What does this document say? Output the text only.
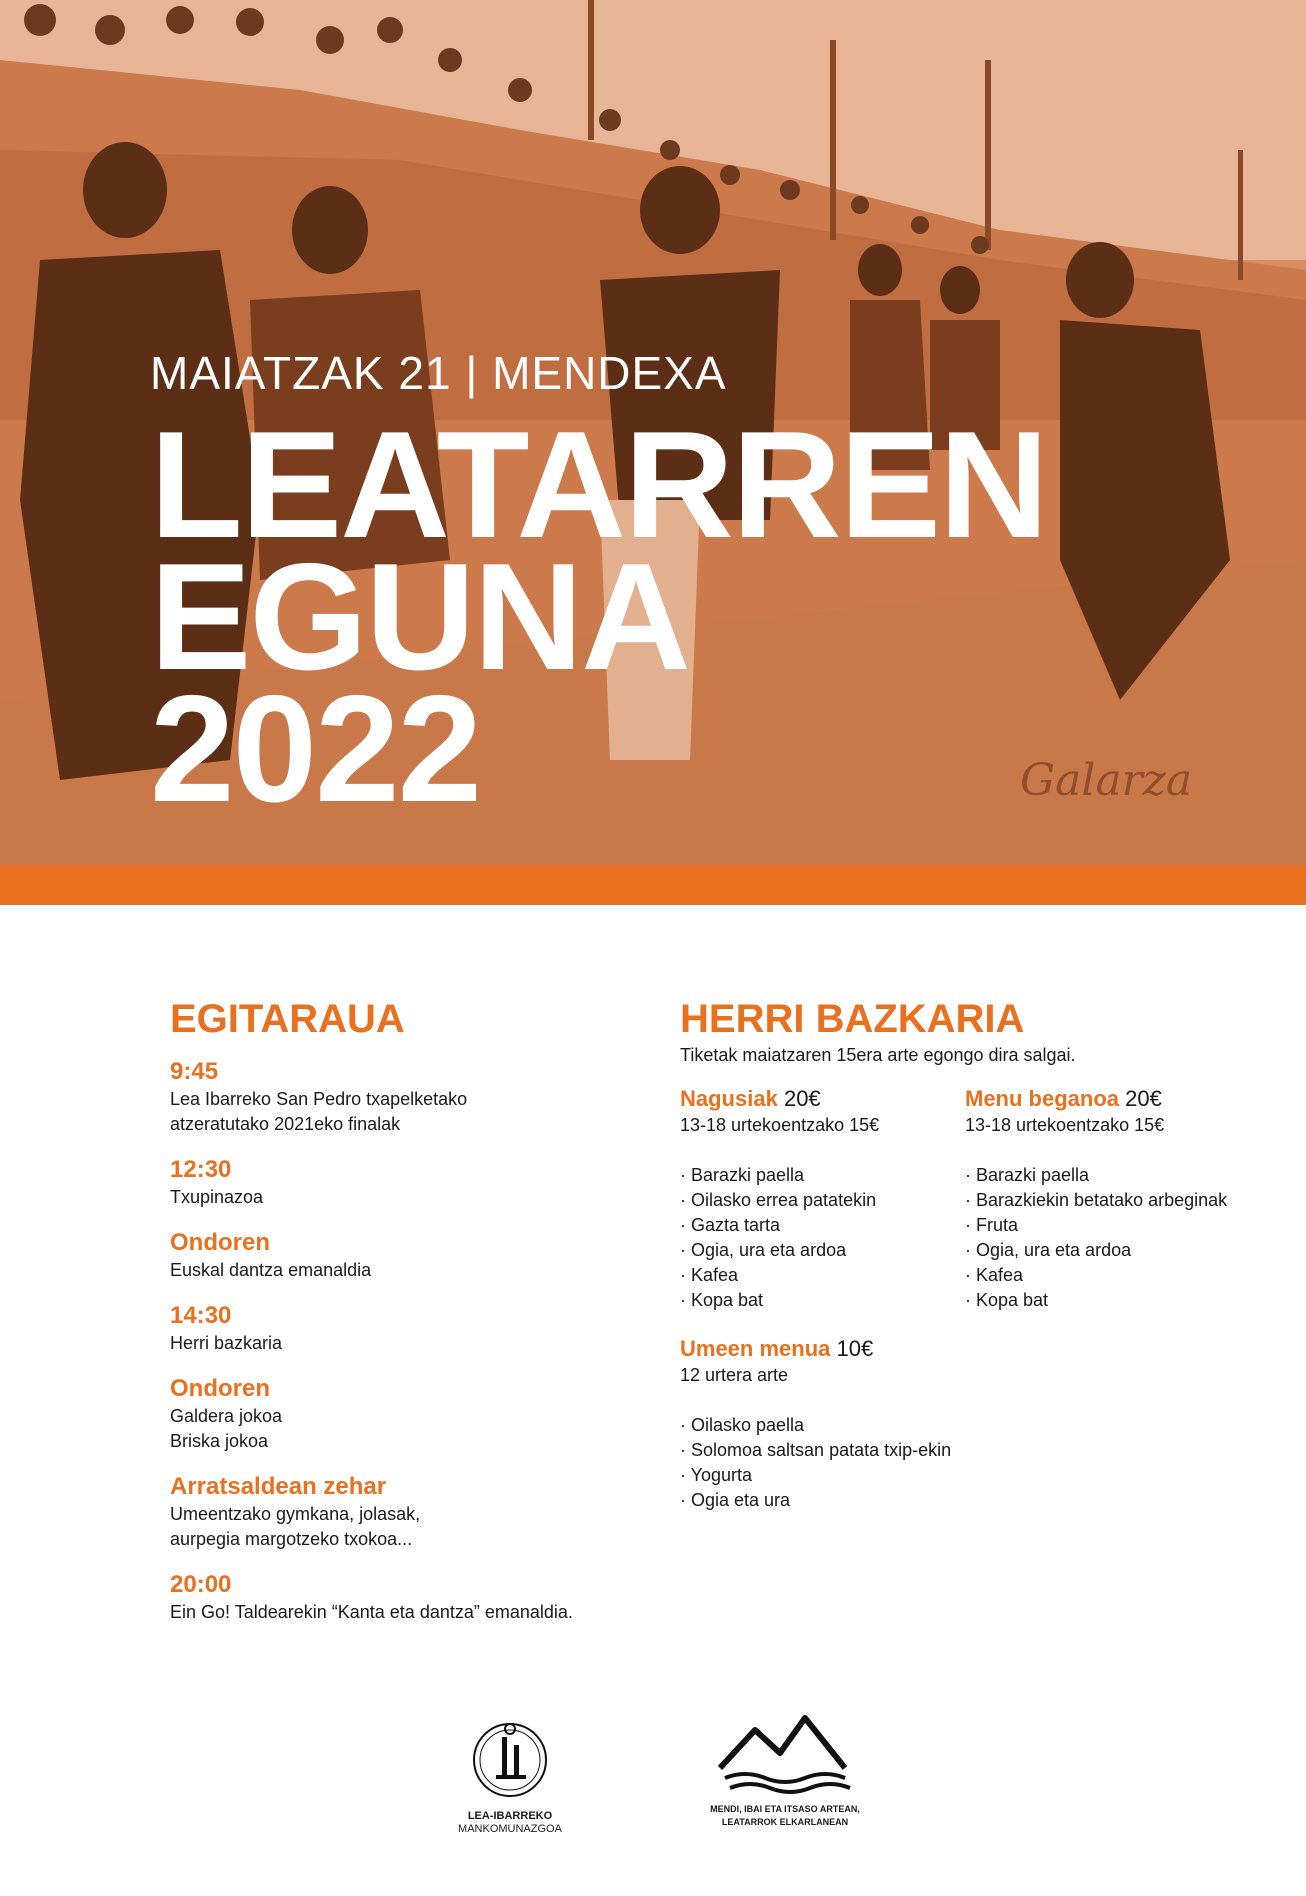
Galarza

MAIATZAK 21 | MENDEXA

LEATARREN
EGUNA
2022
EGITARAUA

9:45

Lea Ibarreko San Pedro txapelketako

atzeratutako 2021eko finalak

12:30

Txupinazoa

Ondoren

Euskal dantza emanaldia

14:30

Herri bazkaria

Ondoren

Galdera jokoa

Briska jokoa

Arratsaldean zehar

Umeentzako gymkana, jolasak,

aurpegia margotzeko txokoa...

20:00

Ein Go! Taldearekin “Kanta eta dantza” emanaldia.

HERRI BAZKARIA

Tiketak maiatzaren 15era arte egongo dira salgai.

Nagusiak 20€

13-18 urtekoentzako 15€

· Barazki paella

· Oilasko errea patatekin

· Gazta tarta

· Ogia, ura eta ardoa

· Kafea

· Kopa bat

Menu beganoa 20€

13-18 urtekoentzako 15€

· Barazki paella

· Barazkiekin betatako arbeginak

· Fruta

· Ogia, ura eta ardoa

· Kafea

· Kopa bat

Umeen menua 10€

12 urtera arte

· Oilasko paella

· Solomoa saltsan patata txip-ekin

· Yogurta

· Ogia eta ura

LEA-IBARREKO

MANKOMUNAZGOA

MENDI, IBAI ETA ITSASO ARTEAN,

LEATARROK ELKARLANEAN
